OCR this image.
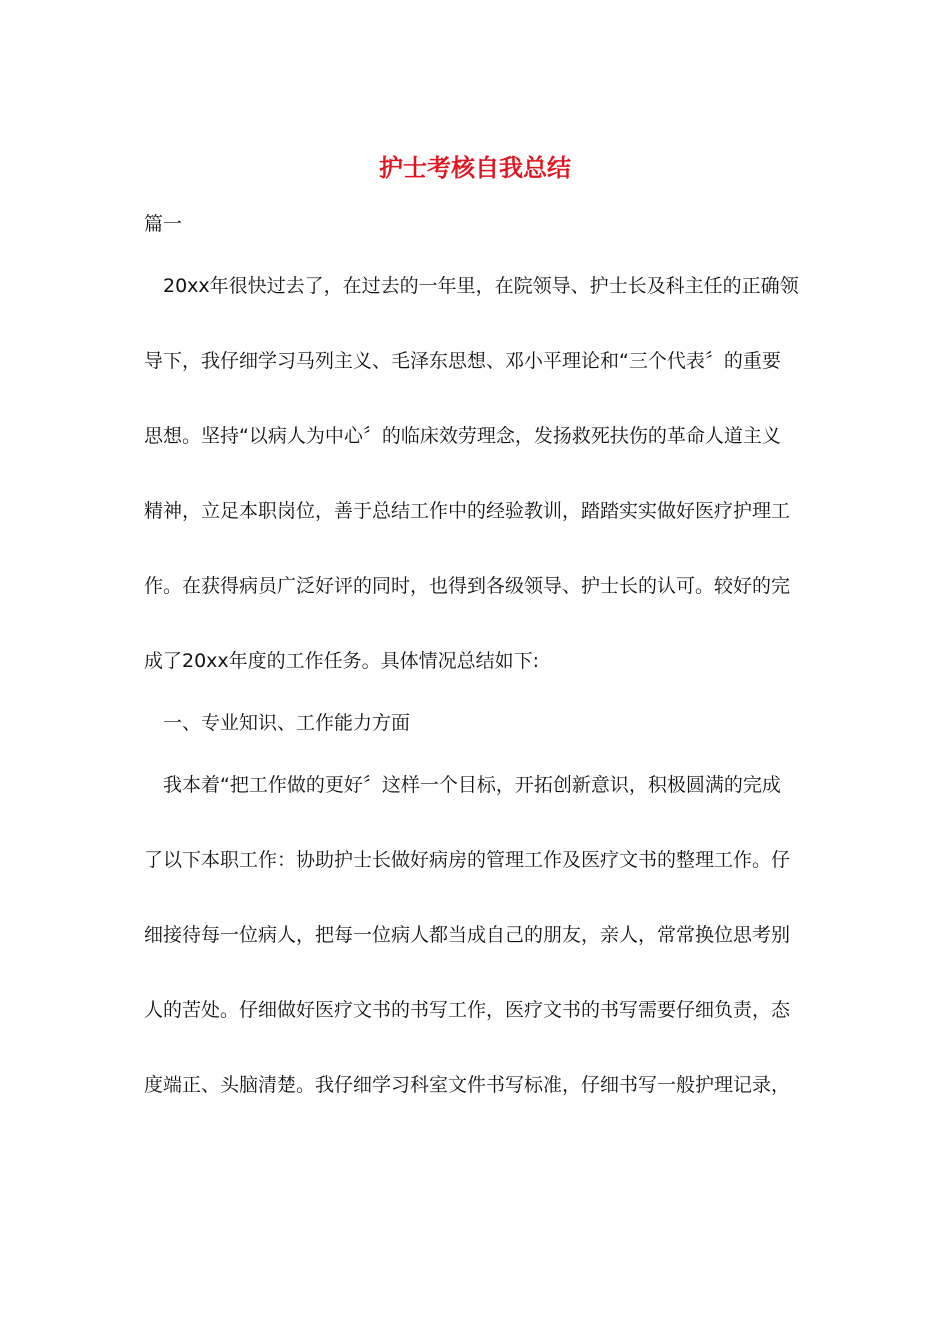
护士考核自我总结

篇一

20xx年很快过去了，在过去的一年里，在院领导、护士长及科主任的正确领

导下，我仔细学习马列主义、毛泽东思想、邓小平理论和“三个代表〞的重要

思想。坚持“以病人为中心〞的临床效劳理念，发扬救死扶伤的革命人道主义

精神，立足本职岗位，善于总结工作中的经验教训，踏踏实实做好医疗护理工

作。在获得病员广泛好评的同时，也得到各级领导、护士长的认可。较好的完

成了20xx年度的工作任务。具体情况总结如下:

一、专业知识、工作能力方面

我本着“把工作做的更好〞这样一个目标，开拓创新意识，积极圆满的完成

了以下本职工作：协助护士长做好病房的管理工作及医疗文书的整理工作。仔

细接待每一位病人，把每一位病人都当成自己的朋友，亲人，常常换位思考别

人的苦处。仔细做好医疗文书的书写工作，医疗文书的书写需要仔细负责，态

度端正、头脑清楚。我仔细学习科室文件书写标准，仔细书写一般护理记录，
